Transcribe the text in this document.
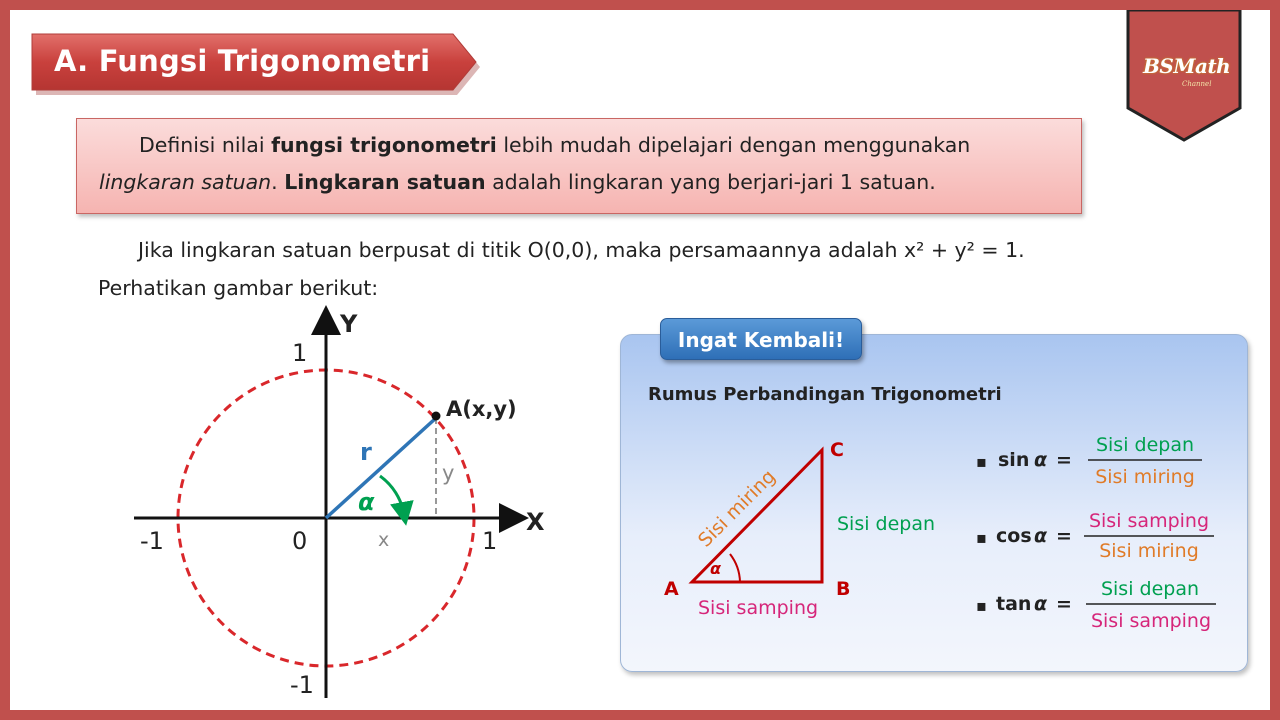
A. Fungsi Trigonometri	BSMath
Channel
Definisi nilai fungsi trigonometri lebih mudah dipelajari dengan menggunakan lingkaran satuan. Lingkaran satuan adalah lingkaran yang berjari-jari 1 satuan.
Jika lingkaran satuan berpusat di titik O(0,0), maka persamaannya adalah x² + y² = 1.
Perhatikan gambar berikut:
Y
X
1
-1
-1	1
0
A(x,y)
r
α
y
x
Ingat Kembali!
Rumus Perbandingan Trigonometri
A	B
C
α
Sisi miring	Sisi depan
Sisi samping
▪ sin α =
Sisi depan
Sisi miring
▪ cos α =
Sisi samping
Sisi miring
▪ tan α =
Sisi depan
Sisi samping
